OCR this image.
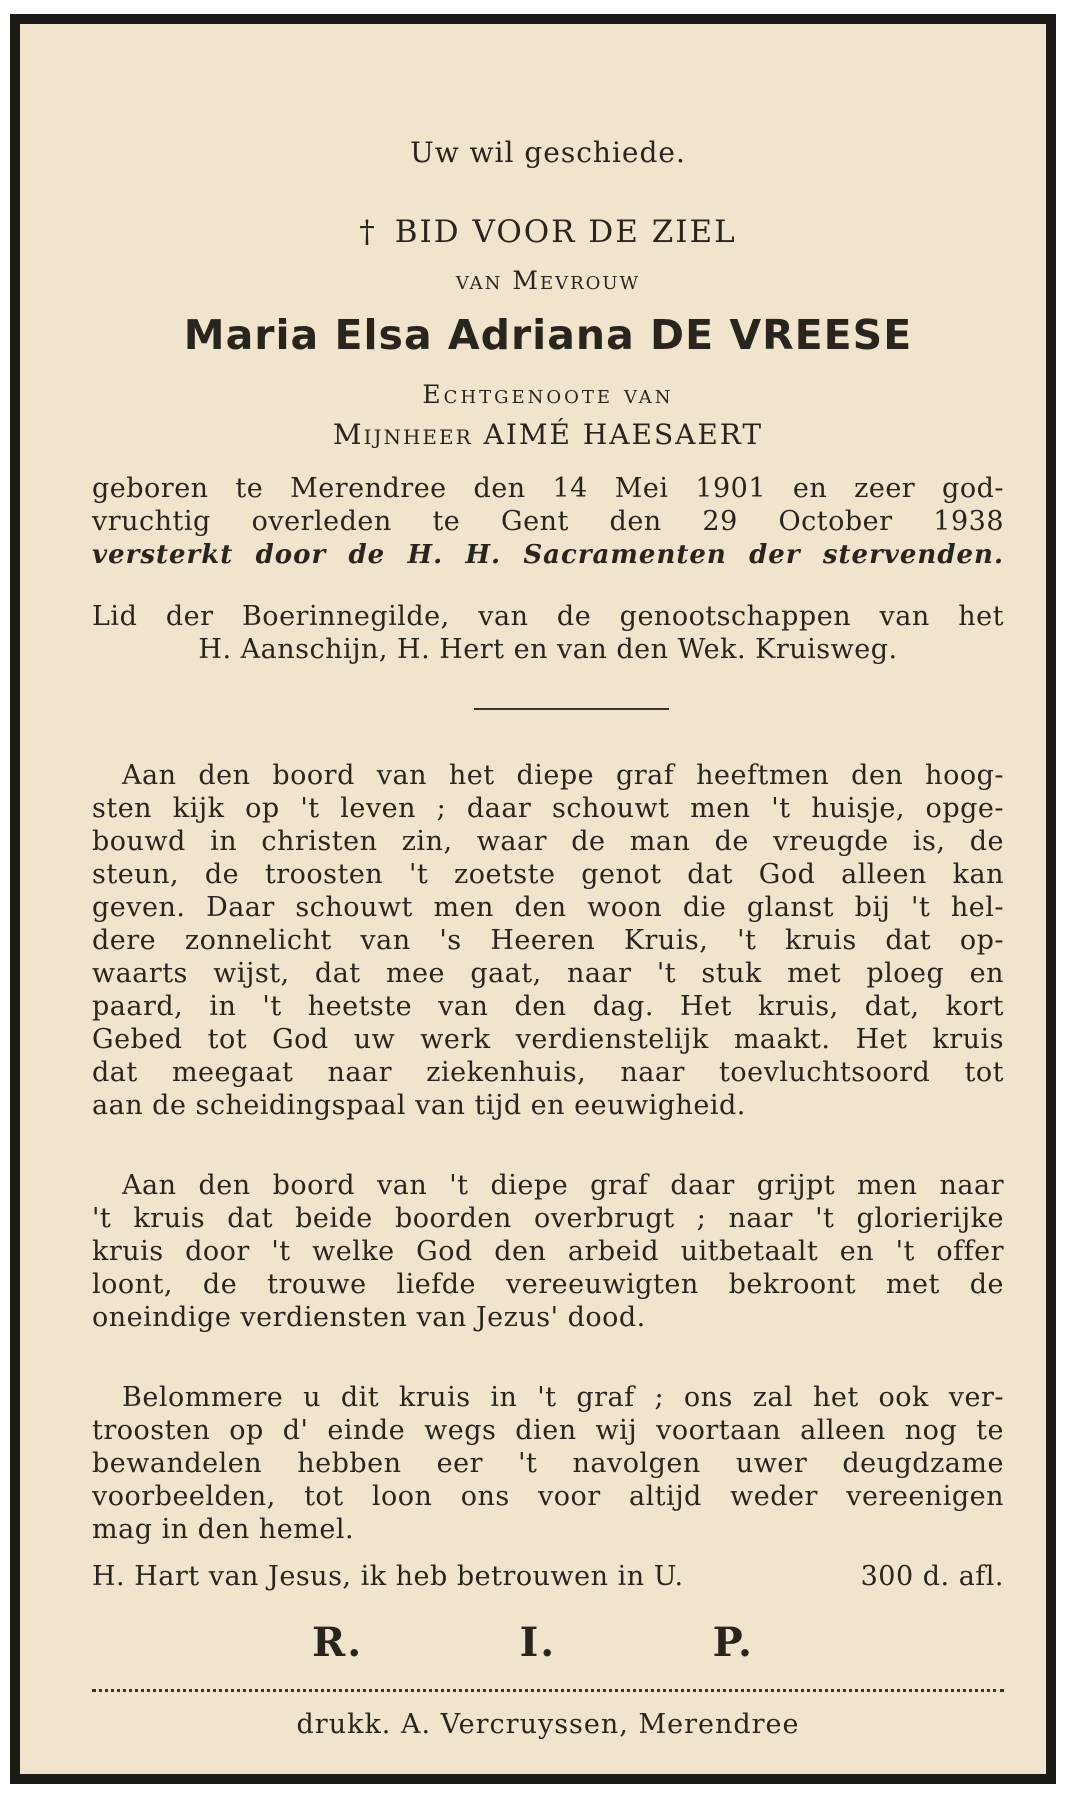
Uw wil geschiede.
† BID VOOR DE ZIEL
van Mevrouw
Maria Elsa Adriana DE VREESE
Echtgenoote van
Mijnheer AIMÉ HAESAERT
geboren te Merendree den 14 Mei 1901 en zeer god-
vruchtig overleden te Gent den 29 October 1938
versterkt door de H. H. Sacramenten der stervenden.
Lid der Boerinnegilde, van de genootschappen van het
H. Aanschijn, H. Hert en van den Wek. Kruisweg.
Aan den boord van het diepe graf heeftmen den hoog-
sten kijk op 't leven ; daar schouwt men 't huisje, opge-
bouwd in christen zin, waar de man de vreugde is, de
steun, de troosten 't zoetste genot dat God alleen kan
geven. Daar schouwt men den woon die glanst bij 't hel-
dere zonnelicht van 's Heeren Kruis, 't kruis dat op-
waarts wijst, dat mee gaat, naar 't stuk met ploeg en
paard, in 't heetste van den dag. Het kruis, dat, kort
Gebed tot God uw werk verdienstelijk maakt. Het kruis
dat meegaat naar ziekenhuis, naar toevluchtsoord tot
aan de scheidingspaal van tijd en eeuwigheid.
Aan den boord van 't diepe graf daar grijpt men naar
't kruis dat beide boorden overbrugt ; naar 't glorierijke
kruis door 't welke God den arbeid uitbetaalt en 't offer
loont, de trouwe liefde vereeuwigten bekroont met de
oneindige verdiensten van Jezus' dood.
Belommere u dit kruis in 't graf ; ons zal het ook ver-
troosten op d' einde wegs dien wij voortaan alleen nog te
bewandelen hebben eer 't navolgen uwer deugdzame
voorbeelden, tot loon ons voor altijd weder vereenigen
mag in den hemel.
H. Hart van Jesus, ik heb betrouwen in U.	300 d. afl.
R.	I.	P.
drukk. A. Vercruyssen, Merendree
